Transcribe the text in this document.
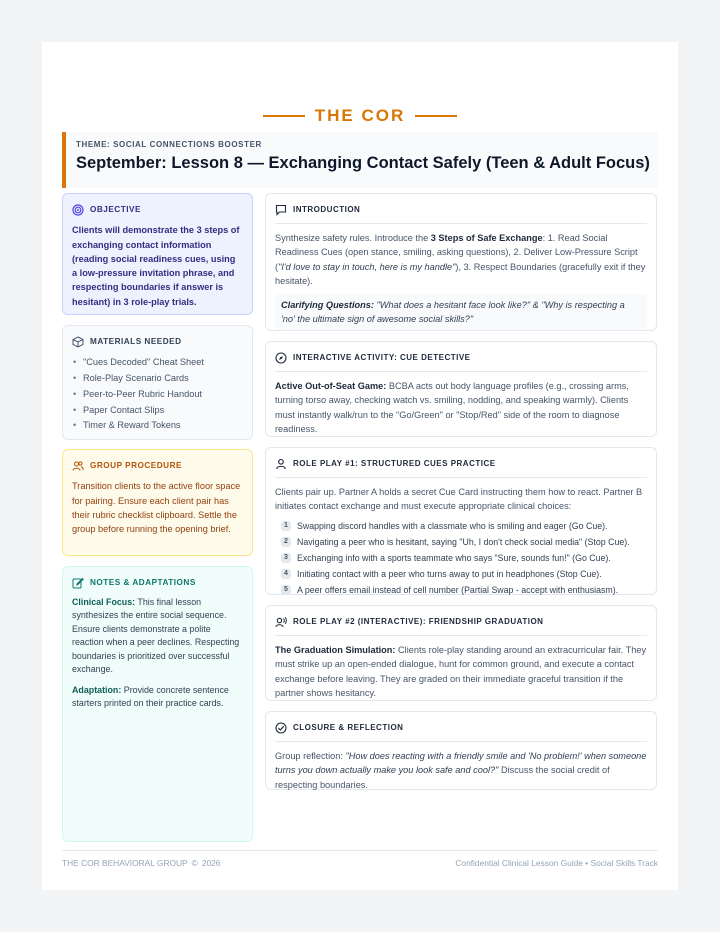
THE COR
THEME: SOCIAL CONNECTIONS BOOSTER
September: Lesson 8 — Exchanging Contact Safely (Teen & Adult Focus)
OBJECTIVE
Clients will demonstrate the 3 steps of exchanging contact information (reading social readiness cues, using a low-pressure invitation phrase, and respecting boundaries if answer is hesitant) in 3 role-play trials.
MATERIALS NEEDED
• "Cues Decoded" Cheat Sheet
• Role-Play Scenario Cards
• Peer-to-Peer Rubric Handout
• Paper Contact Slips
• Timer & Reward Tokens
GROUP PROCEDURE
Transition clients to the active floor space for pairing. Ensure each client pair has their rubric checklist clipboard. Settle the group before running the opening brief.
NOTES & ADAPTATIONS

Clinical Focus: This final lesson synthesizes the entire social sequence. Ensure clients demonstrate a polite reaction when a peer declines. Respecting boundaries is prioritized over successful exchange.

Adaptation: Provide concrete sentence starters printed on their practice cards.

INTRODUCTION
Synthesize safety rules. Introduce the 3 Steps of Safe Exchange: 1. Read Social Readiness Cues (open stance, smiling, asking questions), 2. Deliver Low-Pressure Script ("I'd love to stay in touch, here is my handle"), 3. Respect Boundaries (gracefully exit if they hesitate).
Clarifying Questions: "What does a hesitant face look like?" & "Why is respecting a 'no' the ultimate sign of awesome social skills?"
INTERACTIVE ACTIVITY: CUE DETECTIVE
Active Out-of-Seat Game: BCBA acts out body language profiles (e.g., crossing arms, turning torso away, checking watch vs. smiling, nodding, and speaking warmly). Clients must instantly walk/run to the "Go/Green" or "Stop/Red" side of the room to diagnose readiness.
ROLE PLAY #1: STRUCTURED CUES PRACTICE
Clients pair up. Partner A holds a secret Cue Card instructing them how to react. Partner B initiates contact exchange and must execute appropriate clinical choices:
1	Swapping discord handles with a classmate who is smiling and eager (Go Cue).
2	Navigating a peer who is hesitant, saying "Uh, I don't check social media" (Stop Cue).
3	Exchanging info with a sports teammate who says "Sure, sounds fun!" (Go Cue).
4	Initiating contact with a peer who turns away to put in headphones (Stop Cue).
5	A peer offers email instead of cell number (Partial Swap - accept with enthusiasm).
ROLE PLAY #2 (INTERACTIVE): FRIENDSHIP GRADUATION
The Graduation Simulation: Clients role-play standing around an extracurricular fair. They must strike up an open-ended dialogue, hunt for common ground, and execute a contact exchange before leaving. They are graded on their immediate graceful transition if the partner shows hesitancy.
CLOSURE & REFLECTION
Group reflection: "How does reacting with a friendly smile and 'No problem!' when someone turns you down actually make you look safe and cool?" Discuss the social credit of respecting boundaries.
THE COR BEHAVIORAL GROUP © 2026	Confidential Clinical Lesson Guide • Social Skills Track
